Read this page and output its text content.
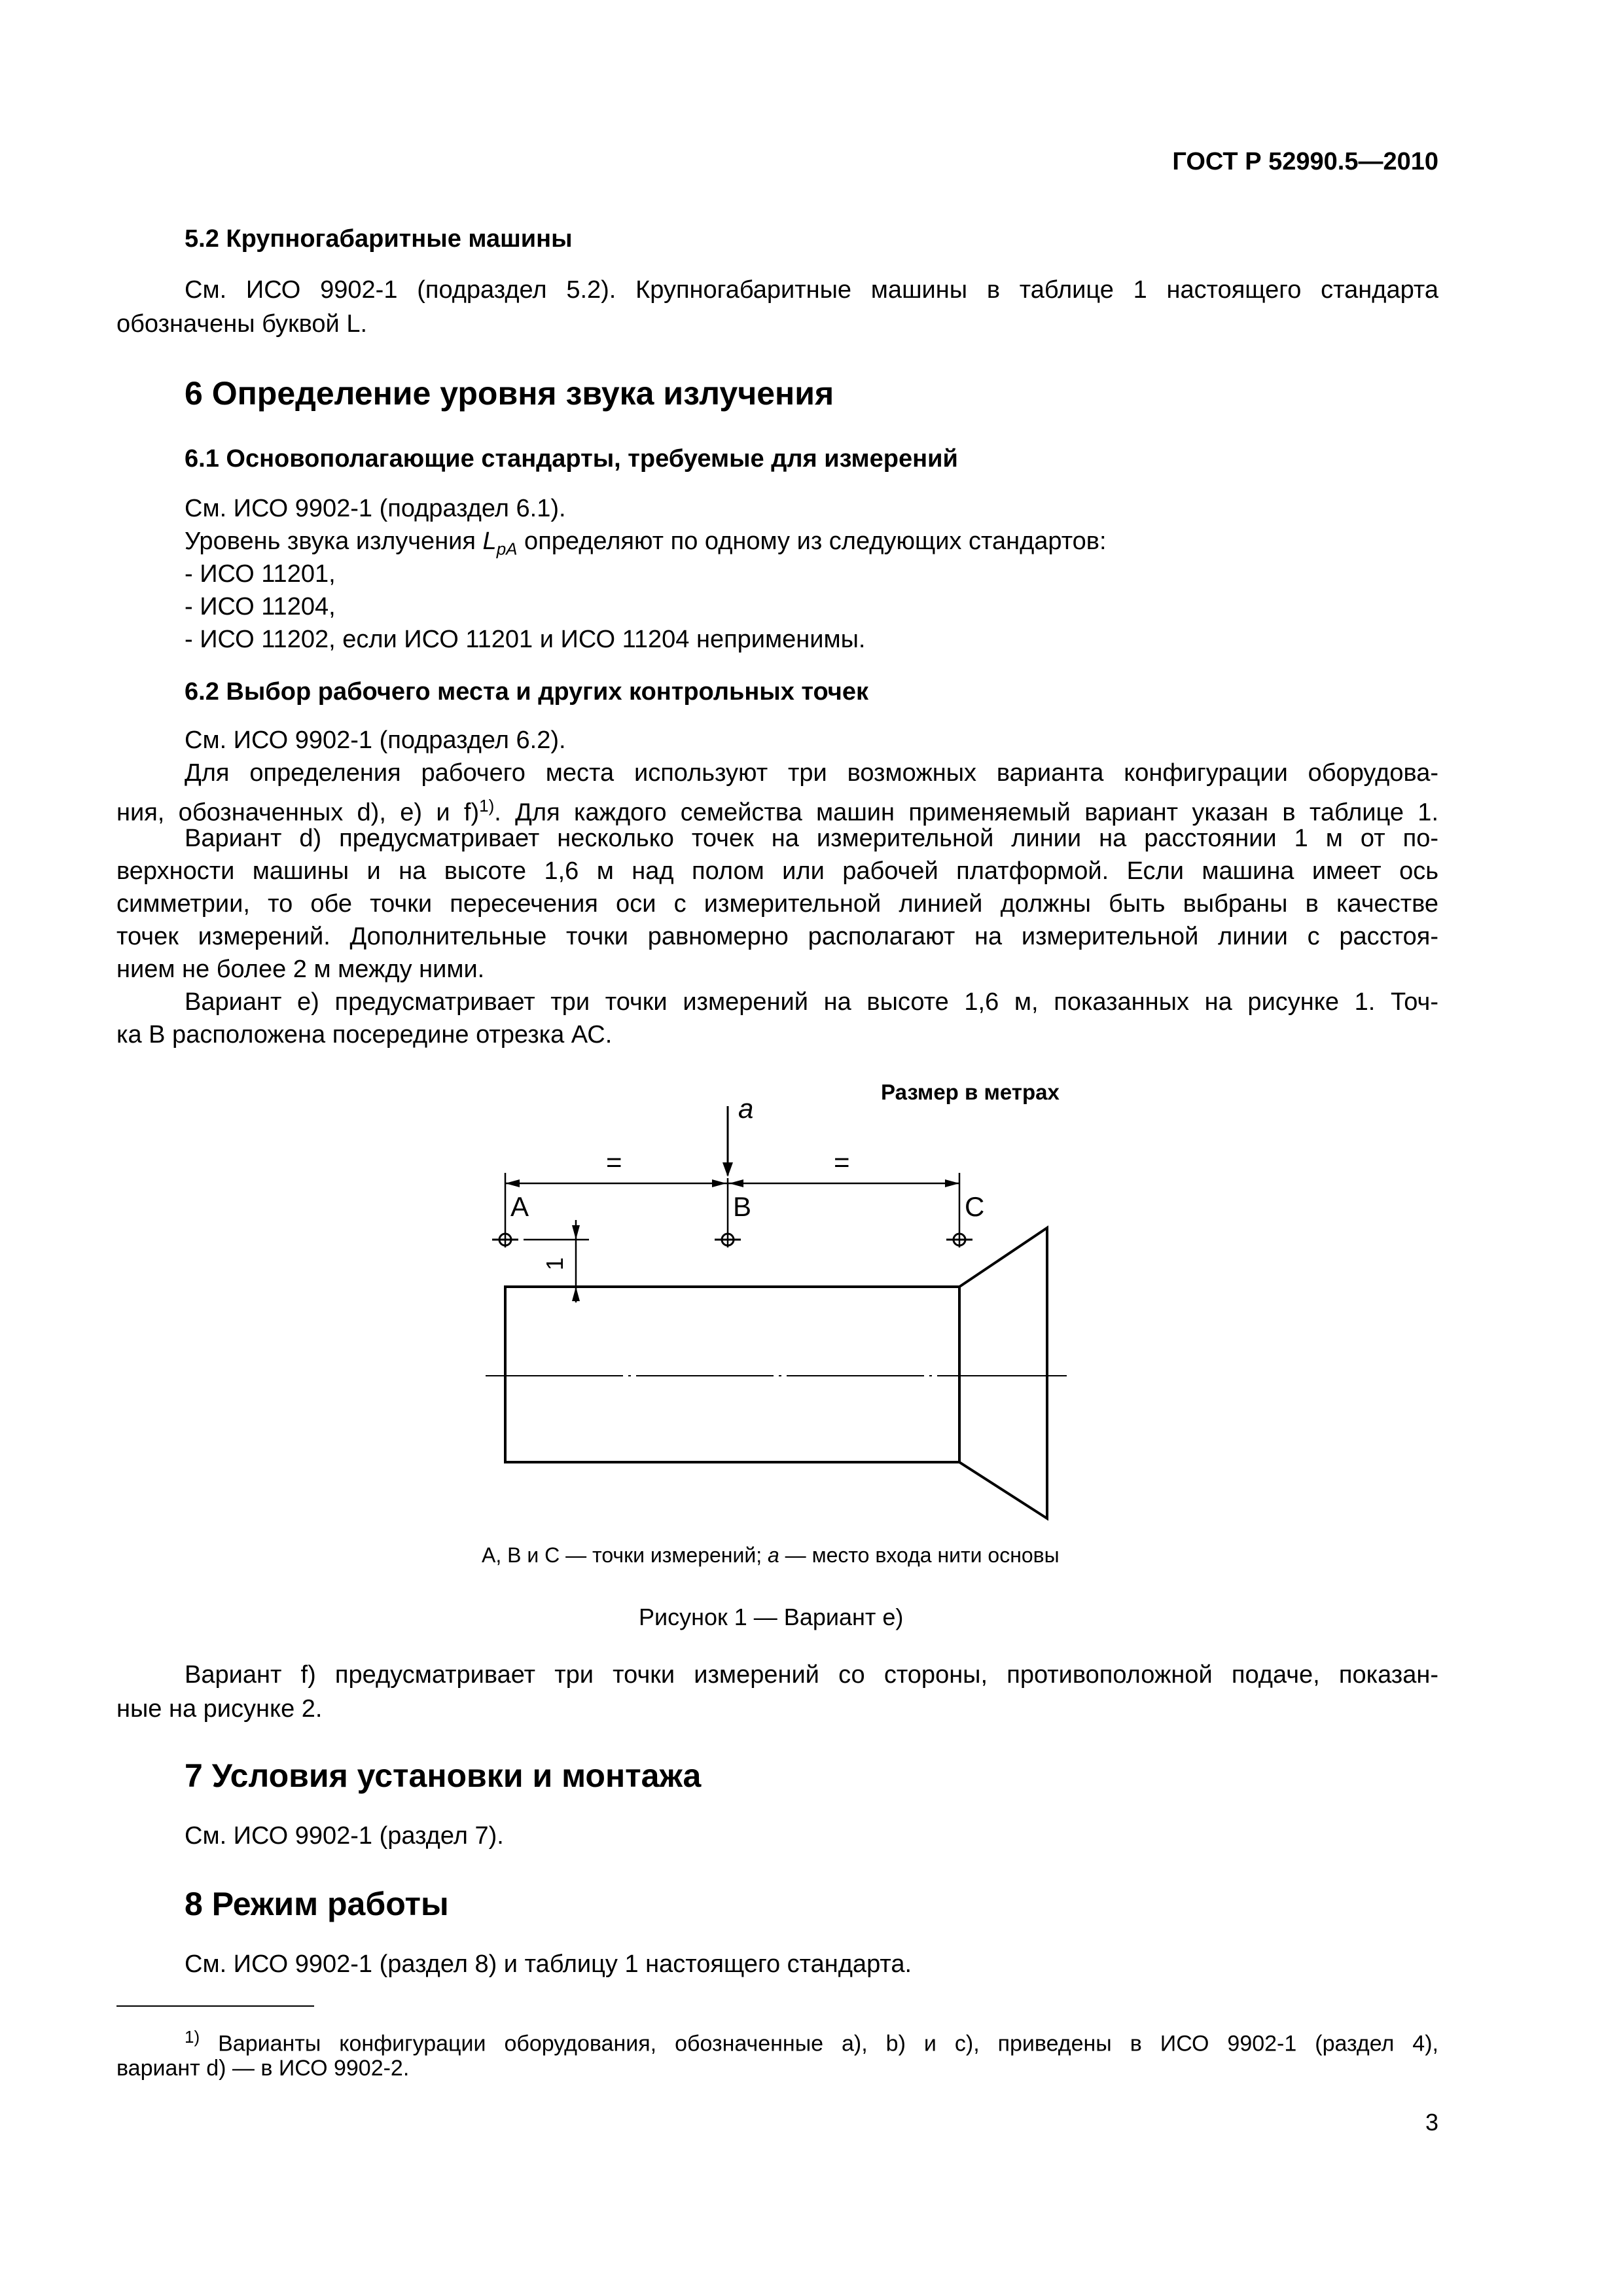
ГОСТ Р 52990.5—2010
5.2 Крупногабаритные машины
См. ИСО 9902-1 (подраздел 5.2). Крупногабаритные машины в таблице 1 настоящего стандарта
обозначены буквой L.
6 Определение уровня звука излучения
6.1 Основополагающие стандарты, требуемые для измерений
См. ИСО 9902-1 (подраздел 6.1).
Уровень звука излучения $L_{pA}$ определяют по одному из следующих стандартов:
- ИСО 11201,
- ИСО 11204,
- ИСО 11202, если ИСО 11201 и ИСО 11204 неприменимы.
6.2 Выбор рабочего места и других контрольных точек
См. ИСО 9902-1 (подраздел 6.2).
Для определения рабочего места используют три возможных варианта конфигурации оборудова-
ния, обозначенных d), e) и f)$^{1)}$. Для каждого семейства машин применяемый вариант указан в таблице 1.
Вариант d) предусматривает несколько точек на измерительной линии на расстоянии 1 м от по-
верхности машины и на высоте 1,6 м над полом или рабочей платформой. Если машина имеет ось
симметрии, то обе точки пересечения оси с измерительной линией должны быть выбраны в качестве
точек измерений. Дополнительные точки равномерно располагают на измерительной линии с расстоя-
нием не более 2 м между ними.
Вариант e) предусматривает три точки измерений на высоте 1,6 м, показанных на рисунке 1. Точ-
ка В расположена посередине отрезка АС.
Размер в метрах
a
=	=
A	B	C
1
А, В и С — точки измерений; a — место входа нити основы
Рисунок 1 — Вариант е)
Вариант f) предусматривает три точки измерений со стороны, противоположной подаче, показан-
ные на рисунке 2.
7 Условия установки и монтажа
См. ИСО 9902-1 (раздел 7).
8 Режим работы
См. ИСО 9902-1 (раздел 8) и таблицу 1 настоящего стандарта.
$^{1)}$ Варианты конфигурации оборудования, обозначенные a), b) и c), приведены в ИСО 9902-1 (раздел 4),
вариант d) — в ИСО 9902-2.
3
